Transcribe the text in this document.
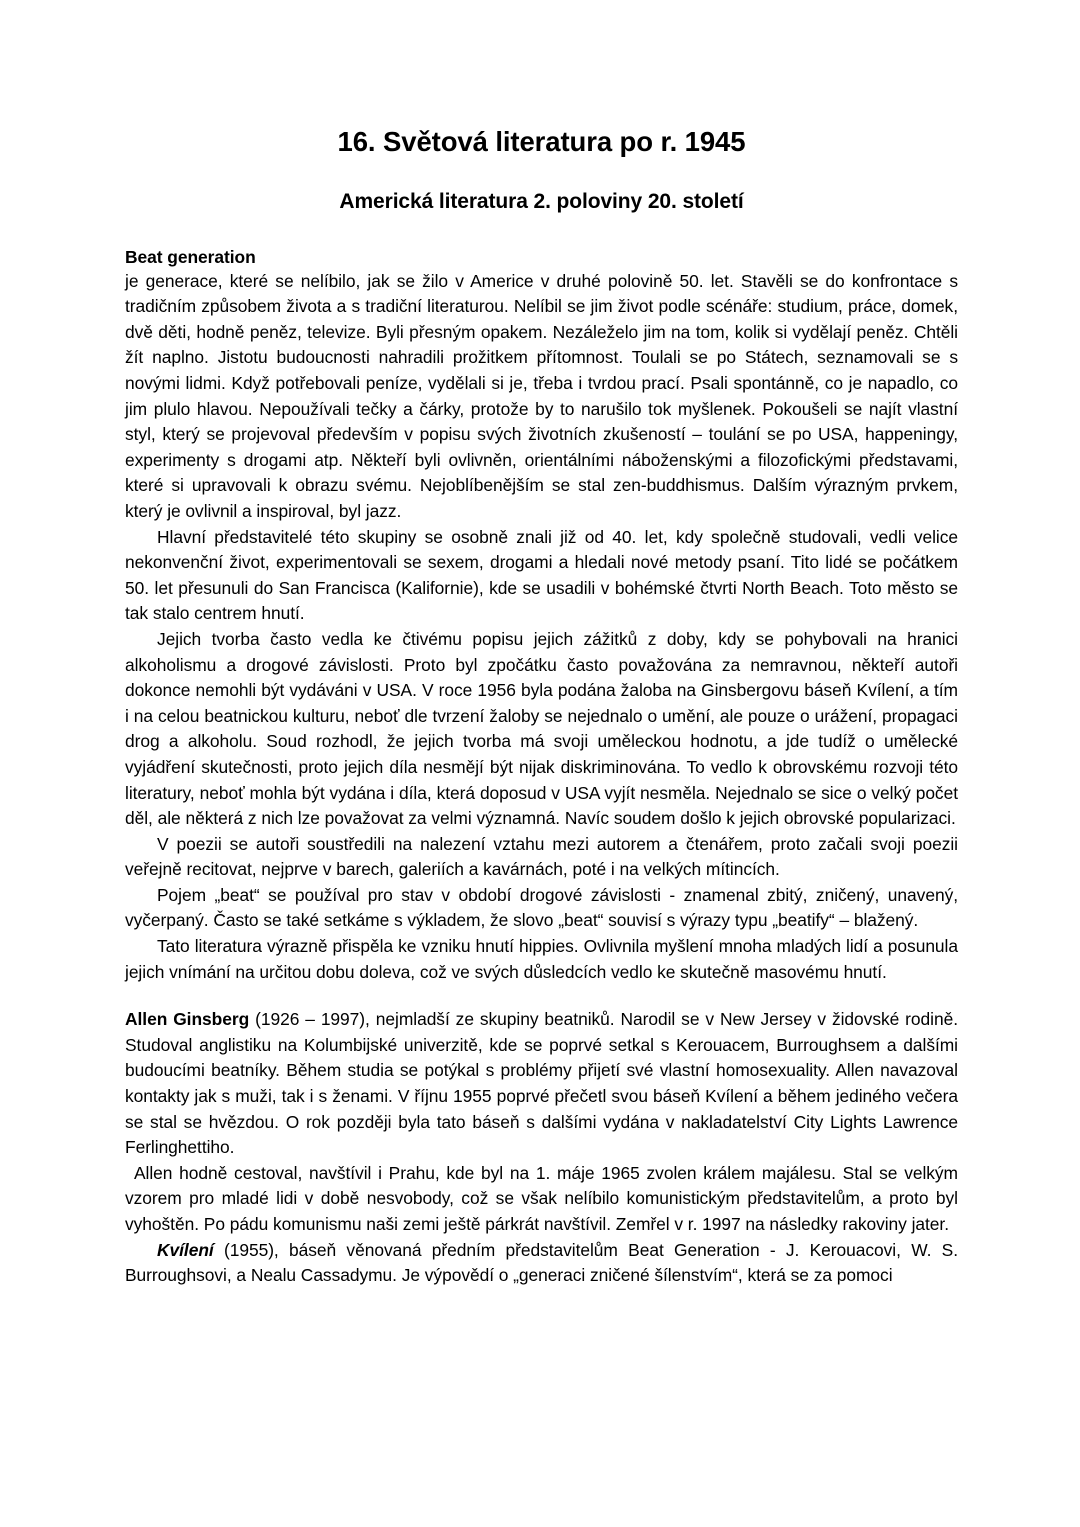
16. Světová literatura po r. 1945
Americká literatura 2. poloviny 20. století
Beat generation

je generace, které se nelíbilo, jak se žilo v Americe v druhé polovině 50. let. Stavěli se do konfrontace s tradičním způsobem života a s tradiční literaturou. Nelíbil se jim život podle scénáře: studium, práce, domek, dvě děti, hodně peněz, televize. Byli přesným opakem. Nezáleželo jim na tom, kolik si vydělají peněz. Chtěli žít naplno. Jistotu budoucnosti nahradili prožitkem přítomnost. Toulali se po Státech, seznamovali se s novými lidmi. Když potřebovali peníze, vydělali si je, třeba i tvrdou prací. Psali spontánně, co je napadlo, co jim plulo hlavou. Nepoužívali tečky a čárky, protože by to narušilo tok myšlenek. Pokoušeli se najít vlastní styl, který se projevoval především v popisu svých životních zkušeností – toulání se po USA, happeningy, experimenty s drogami atp. Někteří byli ovlivněn, orientálními náboženskými a filozofickými představami, které si upravovali k obrazu svému. Nejoblíbenějším se stal zen-buddhismus. Dalším výrazným prvkem, který je ovlivnil a inspiroval, byl jazz.

Hlavní představitelé této skupiny se osobně znali již od 40. let, kdy společně studovali, vedli velice nekonvenční život, experimentovali se sexem, drogami a hledali nové metody psaní. Tito lidé se počátkem 50. let přesunuli do San Francisca (Kalifornie), kde se usadili v bohémské čtvrti North Beach. Toto město se tak stalo centrem hnutí.

Jejich tvorba často vedla ke čtivému popisu jejich zážitků z doby, kdy se pohybovali na hranici alkoholismu a drogové závislosti. Proto byl zpočátku často považována za nemravnou, někteří autoři dokonce nemohli být vydáváni v USA. V roce 1956 byla podána žaloba na Ginsbergovu báseň Kvílení, a tím i na celou beatnickou kulturu, neboť dle tvrzení žaloby se nejednalo o umění, ale pouze o urážení, propagaci drog a alkoholu. Soud rozhodl, že jejich tvorba má svoji uměleckou hodnotu, a jde tudíž o umělecké vyjádření skutečnosti, proto jejich díla nesmějí být nijak diskriminována. To vedlo k obrovskému rozvoji této literatury, neboť mohla být vydána i díla, která doposud v USA vyjít nesměla. Nejednalo se sice o velký počet děl, ale některá z nich lze považovat za velmi významná. Navíc soudem došlo k jejich obrovské popularizaci.

V poezii se autoři soustředili na nalezení vztahu mezi autorem a čtenářem, proto začali svoji poezii veřejně recitovat, nejprve v barech, galeriích a kavárnách, poté i na velkých mítincích.

Pojem „beat“ se používal pro stav v období drogové závislosti - znamenal zbitý, zničený, unavený, vyčerpaný. Často se také setkáme s výkladem, že slovo „beat“ souvisí s výrazy typu „beatify“ – blažený.

Tato literatura výrazně přispěla ke vzniku hnutí hippies. Ovlivnila myšlení mnoha mladých lidí a posunula jejich vnímání na určitou dobu doleva, což ve svých důsledcích vedlo ke skutečně masovému hnutí.

Allen Ginsberg (1926 – 1997), nejmladší ze skupiny beatniků. Narodil se v New Jersey v židovské rodině. Studoval anglistiku na Kolumbijské univerzitě, kde se poprvé setkal s Kerouacem, Burroughsem a dalšími budoucími beatníky. Během studia se potýkal s problémy přijetí své vlastní homosexuality. Allen navazoval kontakty jak s muži, tak i s ženami. V říjnu 1955 poprvé přečetl svou báseň Kvílení a během jediného večera se stal se hvězdou. O rok později byla tato báseň s dalšími vydána v nakladatelství City Lights Lawrence Ferlinghettiho.

Allen hodně cestoval, navštívil i Prahu, kde byl na 1. máje 1965 zvolen králem majálesu. Stal se velkým vzorem pro mladé lidi v době nesvobody, což se však nelíbilo komunistickým představitelům, a proto byl vyhoštěn. Po pádu komunismu naši zemi ještě párkrát navštívil. Zemřel v r. 1997 na následky rakoviny jater.

Kvílení (1955), báseň věnovaná předním představitelům Beat Generation - J. Kerouacovi, W. S. Burroughsovi, a Nealu Cassadymu. Je výpovědí o „generaci zničené šílenstvím“, která se za pomoci
